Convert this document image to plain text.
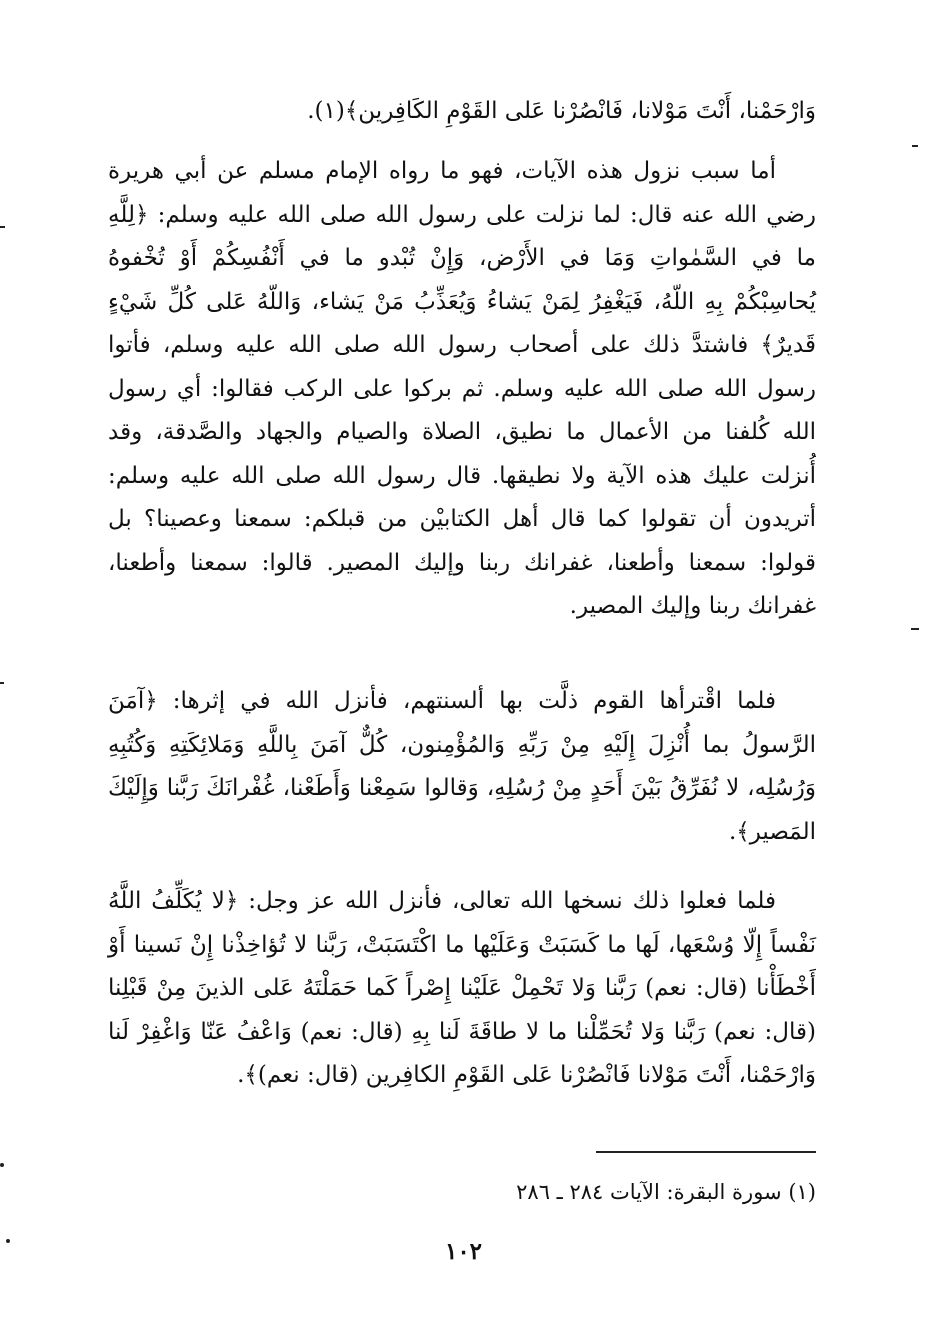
وَارْحَمْنا، أَنْتَ مَوْلانا، فَانْصُرْنا عَلى القَوْمِ الكَافِرين﴾(١).

أما سبب نزول هذه الآيات، فهو ما رواه الإمام مسلم عن أبي هريرة رضي الله عنه قال: لما نزلت على رسول الله صلى الله عليه وسلم: ﴿لِلَّهِ ما في السَّمٰواتِ وَمَا في الأَرْض، وَإِنْ تُبْدو ما في أَنْفُسِكُمْ أَوْ تُخْفوهُ يُحاسِبْكُمْ بِهِ اللّهُ، فَيَغْفِرُ لِمَنْ يَشاءُ وَيُعَذِّبُ مَنْ يَشاء، وَاللّهُ عَلى كُلِّ شَيْءٍ قَديرٌ﴾ فاشتدَّ ذلك على أصحاب رسول الله صلى الله عليه وسلم، فأتوا رسول الله صلى الله عليه وسلم. ثم بركوا على الركب فقالوا: أي رسول الله كُلفنا من الأعمال ما نطيق، الصلاة والصيام والجهاد والصَّدقة، وقد أُنزلت عليك هذه الآية ولا نطيقها. قال رسول الله صلى الله عليه وسلم: أتريدون أن تقولوا كما قال أهل الكتابيْن من قبلكم: سمعنا وعصينا؟ بل قولوا: سمعنا وأطعنا، غفرانك ربنا وإليك المصير. قالوا: سمعنا وأطعنا، غفرانك ربنا وإليك المصير.

فلما اقْترأها القوم ذلَّت بها ألسنتهم، فأنزل الله في إثرها: ﴿آمَنَ الرَّسولُ بما أُنْزِلَ إِلَيْهِ مِنْ رَبِّهِ وَالمُؤْمِنون، كُلٌّ آمَنَ بِاللَّهِ وَمَلائِكَتِهِ وَكُتُبِهِ وَرُسُلِه، لا نُفَرِّقُ بَيْنَ أَحَدٍ مِنْ رُسُلِهِ، وَقالوا سَمِعْنا وَأَطَعْنا، غُفْرانَكَ رَبَّنا وَإِلَيْكَ المَصير﴾.

فلما فعلوا ذلك نسخها الله تعالى، فأنزل الله عز وجل: ﴿لا يُكَلِّفُ اللَّهُ نَفْساً إِلّا وُسْعَها، لَها ما كَسَبَتْ وَعَلَيْها ما اكْتَسَبَتْ، رَبَّنا لا تُؤاخِذْنا إِنْ نَسينا أَوْ أَخْطَأْنا (قال: نعم) رَبَّنا وَلا تَحْمِلْ عَلَيْنا إِصْراً كَما حَمَلْتَهُ عَلى الذينَ مِنْ قَبْلِنا (قال: نعم) رَبَّنا وَلا تُحَمِّلْنا ما لا طاقَةَ لَنا بِهِ (قال: نعم) وَاعْفُ عَنّا وَاغْفِرْ لَنا وَارْحَمْنا، أَنْتَ مَوْلانا فَانْصُرْنا عَلى القَوْمِ الكافِرين (قال: نعم)﴾.

(١) سورة البقرة: الآيات ٢٨٤ ـ ٢٨٦
١٠٢
